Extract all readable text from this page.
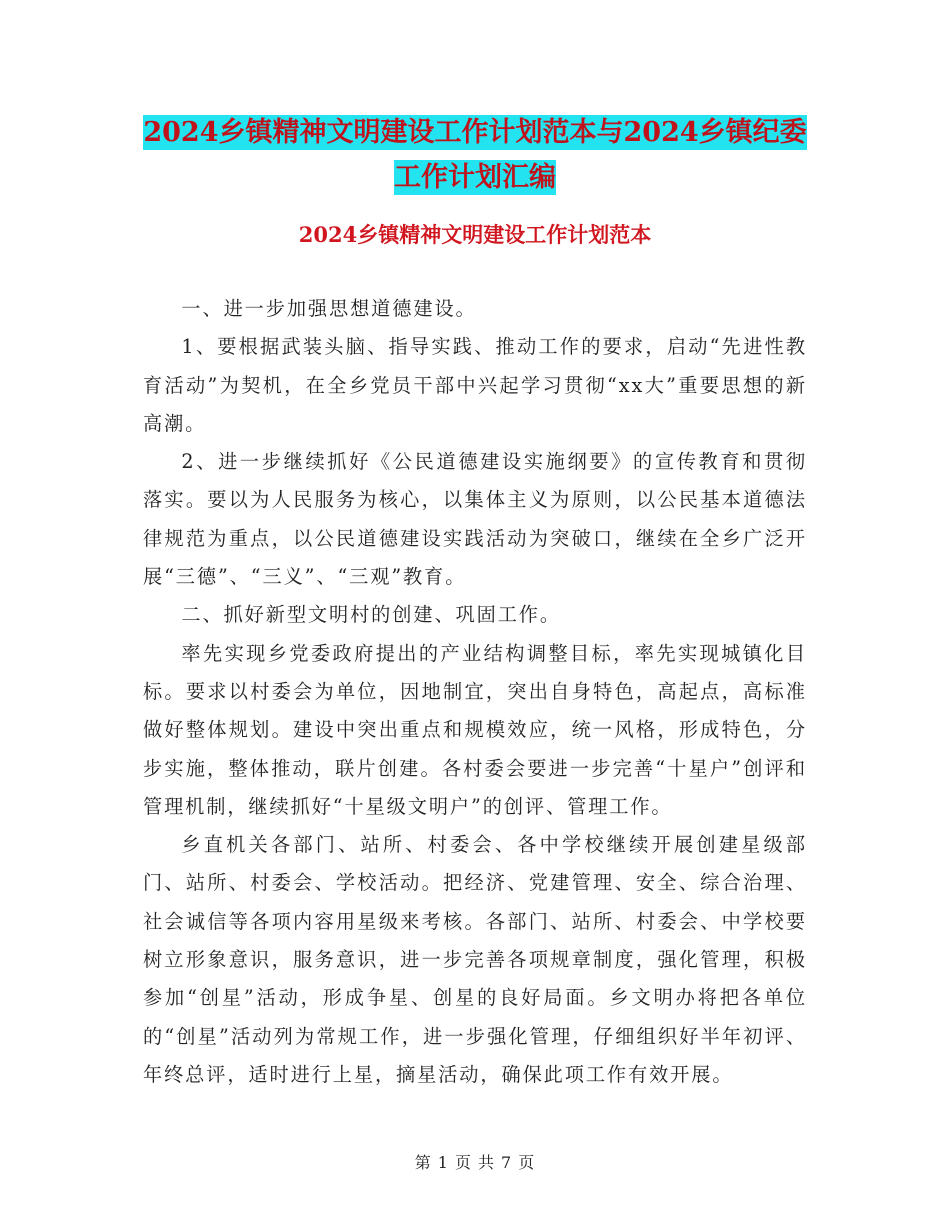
2024乡镇精神文明建设工作计划范本与2024乡镇纪委
工作计划汇编
2024乡镇精神文明建设工作计划范本

一、进一步加强思想道德建设。

1、要根据武装头脑、指导实践、推动工作的要求，启动“先进性教育活动”为契机，在全乡党员干部中兴起学习贯彻“xx大”重要思想的新高潮。

2、进一步继续抓好《公民道德建设实施纲要》的宣传教育和贯彻落实。要以为人民服务为核心，以集体主义为原则，以公民基本道德法律规范为重点，以公民道德建设实践活动为突破口，继续在全乡广泛开展“三德”、“三义”、“三观”教育。

二、抓好新型文明村的创建、巩固工作。

率先实现乡党委政府提出的产业结构调整目标，率先实现城镇化目标。要求以村委会为单位，因地制宜，突出自身特色，高起点，高标准做好整体规划。建设中突出重点和规模效应，统一风格，形成特色，分步实施，整体推动，联片创建。各村委会要进一步完善“十星户”创评和管理机制，继续抓好“十星级文明户”的创评、管理工作。

乡直机关各部门、站所、村委会、各中学校继续开展创建星级部门、站所、村委会、学校活动。把经济、党建管理、安全、综合治理、社会诚信等各项内容用星级来考核。各部门、站所、村委会、中学校要树立形象意识，服务意识，进一步完善各项规章制度，强化管理，积极参加“创星”活动，形成争星、创星的良好局面。乡文明办将把各单位的“创星”活动列为常规工作，进一步强化管理，仔细组织好半年初评、年终总评，适时进行上星，摘星活动，确保此项工作有效开展。

第 1 页 共 7 页
